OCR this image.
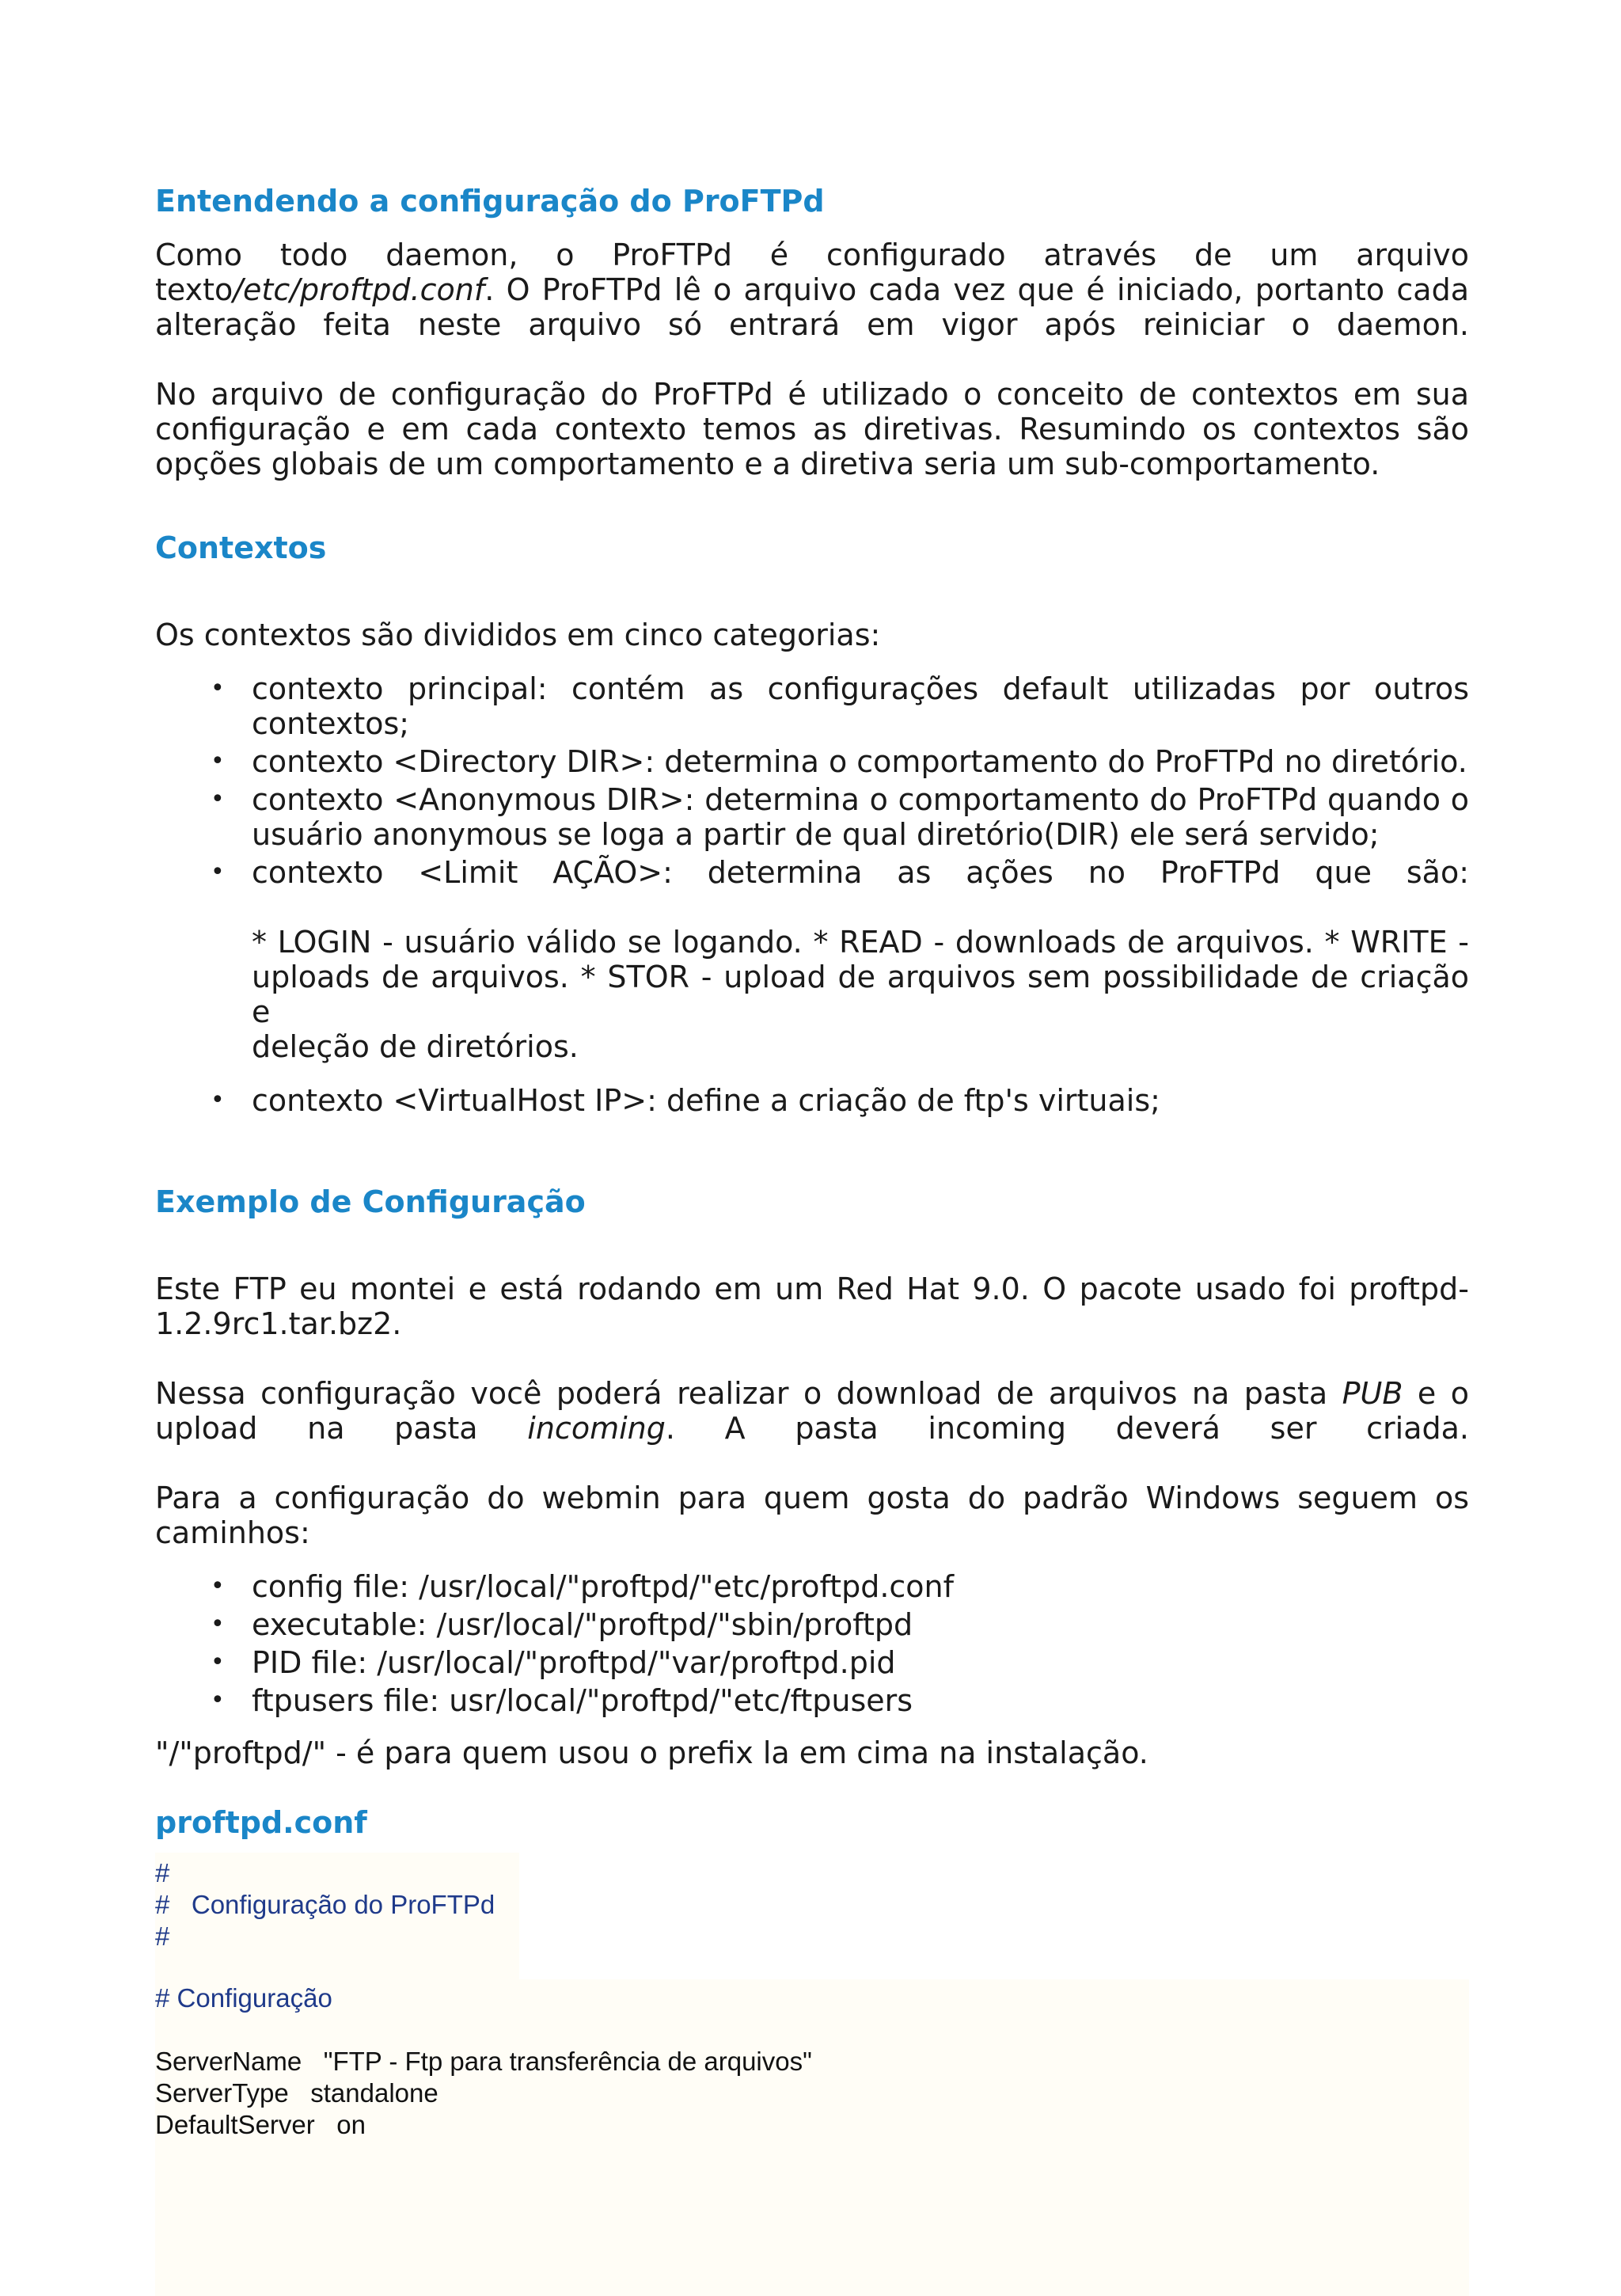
Entendendo a configuração do ProFTPd
Como todo daemon, o ProFTPd é configurado através de um arquivo
texto/etc/proftpd.conf. O ProFTPd lê o arquivo cada vez que é iniciado, portanto cada
alteração feita neste arquivo só entrará em vigor após reiniciar o daemon.
No arquivo de configuração do ProFTPd é utilizado o conceito de contextos em sua
configuração e em cada contexto temos as diretivas. Resumindo os contextos são
opções globais de um comportamento e a diretiva seria um sub-comportamento.
Contextos
Os contextos são divididos em cinco categorias:
• contexto principal: contém as configurações default utilizadas por outros
contextos;
• contexto <Directory DIR>: determina o comportamento do ProFTPd no diretório.
• contexto <Anonymous DIR>: determina o comportamento do ProFTPd quando o
usuário anonymous se loga a partir de qual diretório(DIR) ele será servido;
• contexto <Limit AÇÃO>: determina as ações no ProFTPd que são:
* LOGIN - usuário válido se logando. * READ - downloads de arquivos. * WRITE -
uploads de arquivos. * STOR - upload de arquivos sem possibilidade de criação e
deleção de diretórios.
• contexto <VirtualHost IP>: define a criação de ftp's virtuais;
Exemplo de Configuração
Este FTP eu montei e está rodando em um Red Hat 9.0. O pacote usado foi proftpd-
1.2.9rc1.tar.bz2.
Nessa configuração você poderá realizar o download de arquivos na pasta PUB e o
upload na pasta incoming. A pasta incoming deverá ser criada.
Para a configuração do webmin para quem gosta do padrão Windows seguem os
caminhos:
• config file: /usr/local/"proftpd/"etc/proftpd.conf
• executable: /usr/local/"proftpd/"sbin/proftpd
• PID file: /usr/local/"proftpd/"var/proftpd.pid
• ftpusers file: usr/local/"proftpd/"etc/ftpusers
"/"proftpd/" - é para quem usou o prefix la em cima na instalação.
proftpd.conf
#
#   Configuração do ProFTPd
#
# Configuração
ServerName   "FTP - Ftp para transferência de arquivos"
ServerType   standalone
DefaultServer   on
